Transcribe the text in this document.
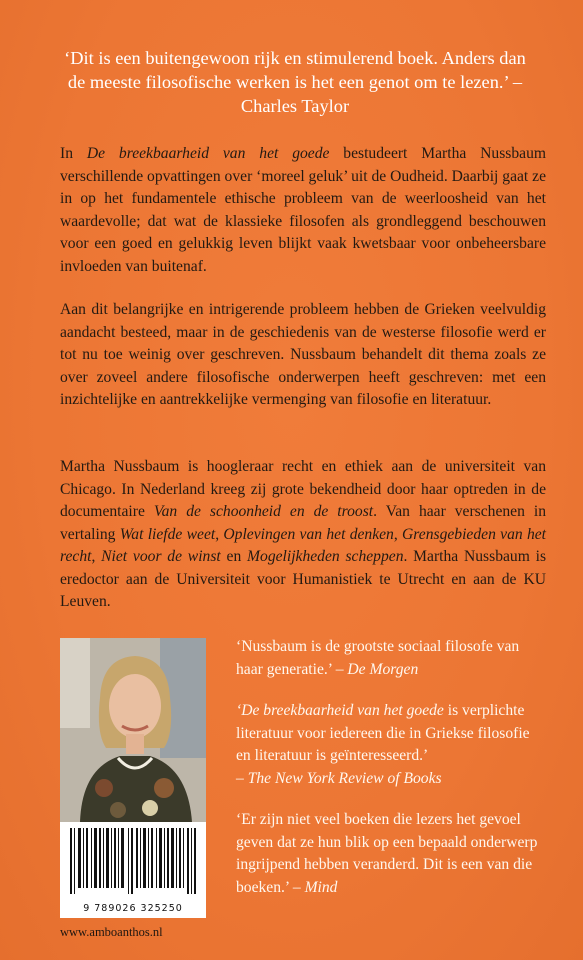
‘Dit is een buitengewoon rijk en stimulerend boek. Anders dan de meeste filosofische werken is het een genot om te lezen.’ – Charles Taylor
In De breekbaarheid van het goede bestudeert Martha Nussbaum verschillende opvattingen over ‘moreel geluk’ uit de Oudheid. Daarbij gaat ze in op het fundamentele ethische probleem van de weerloosheid van het waardevolle; dat wat de klassieke filosofen als grondleggend beschouwen voor een goed en gelukkig leven blijkt vaak kwetsbaar voor onbeheersbare invloeden van buitenaf.
Aan dit belangrijke en intrigerende probleem hebben de Grieken veelvuldig aandacht besteed, maar in de geschiedenis van de westerse filosofie werd er tot nu toe weinig over geschreven. Nussbaum behandelt dit thema zoals ze over zoveel andere filosofische onderwerpen heeft geschreven: met een inzichtelijke en aantrekkelijke vermenging van filosofie en literatuur.
Martha Nussbaum is hoogleraar recht en ethiek aan de universiteit van Chicago. In Nederland kreeg zij grote bekendheid door haar optreden in de documentaire Van de schoonheid en de troost. Van haar verschenen in vertaling Wat liefde weet, Oplevingen van het denken, Grensgebieden van het recht, Niet voor de winst en Mogelijkheden scheppen. Martha Nussbaum is eredoctor aan de Universiteit voor Humanistiek te Utrecht en aan de KU Leuven.
9 789026 325250
www.amboanthos.nl

‘Nussbaum is de grootste sociaal filosofe van haar generatie.’ – De Morgen

‘De breekbaarheid van het goede is verplichte literatuur voor iedereen die in Griekse filosofie en literatuur is geïnteresseerd.’
– The New York Review of Books

‘Er zijn niet veel boeken die lezers het gevoel geven dat ze hun blik op een bepaald onderwerp ingrijpend hebben veranderd. Dit is een van die boeken.’ – Mind
